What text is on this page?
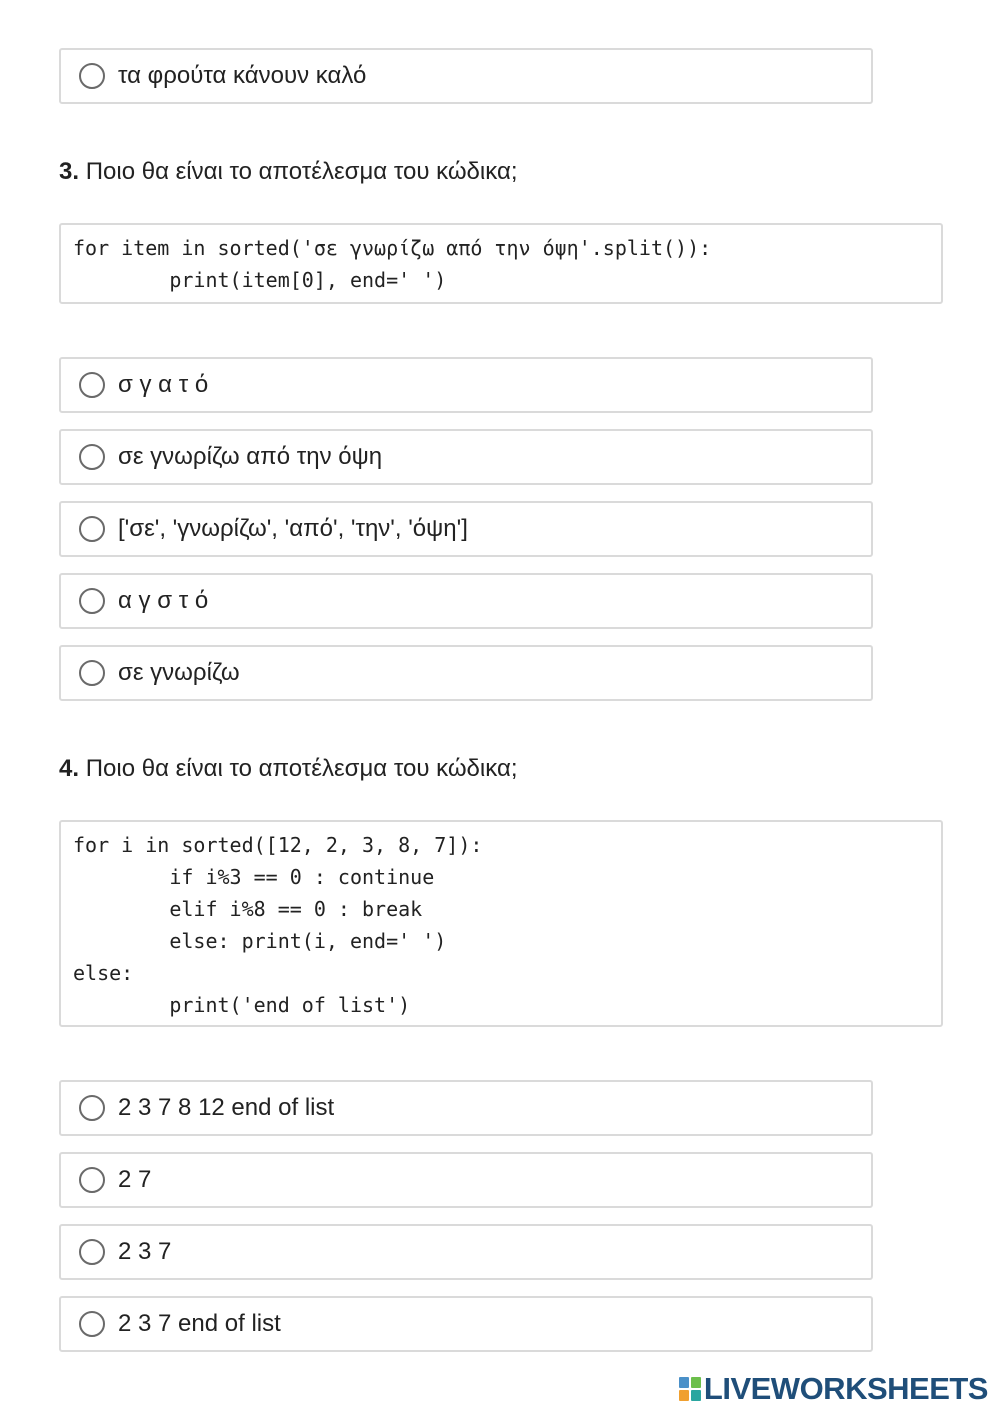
τα φρούτα κάνουν καλό
3. Ποιο θα είναι το αποτέλεσμα του κώδικα;
for item in sorted('σε γνωρίζω από την όψη'.split()):
print(item[0], end=' ')
σ γ α τ ό
σε γνωρίζω από την όψη
['σε', 'γνωρίζω', 'από', 'την', 'όψη']
α γ σ τ ό
σε γνωρίζω
4. Ποιο θα είναι το αποτέλεσμα του κώδικα;
for i in sorted([12, 2, 3, 8, 7]):
if i%3 == 0 : continue
elif i%8 == 0 : break
else: print(i, end=' ')
else:
print('end of list')
2 3 7 8 12 end of list
2 7
2 3 7
2 3 7 end of list
LIVEWORKSHEETS
